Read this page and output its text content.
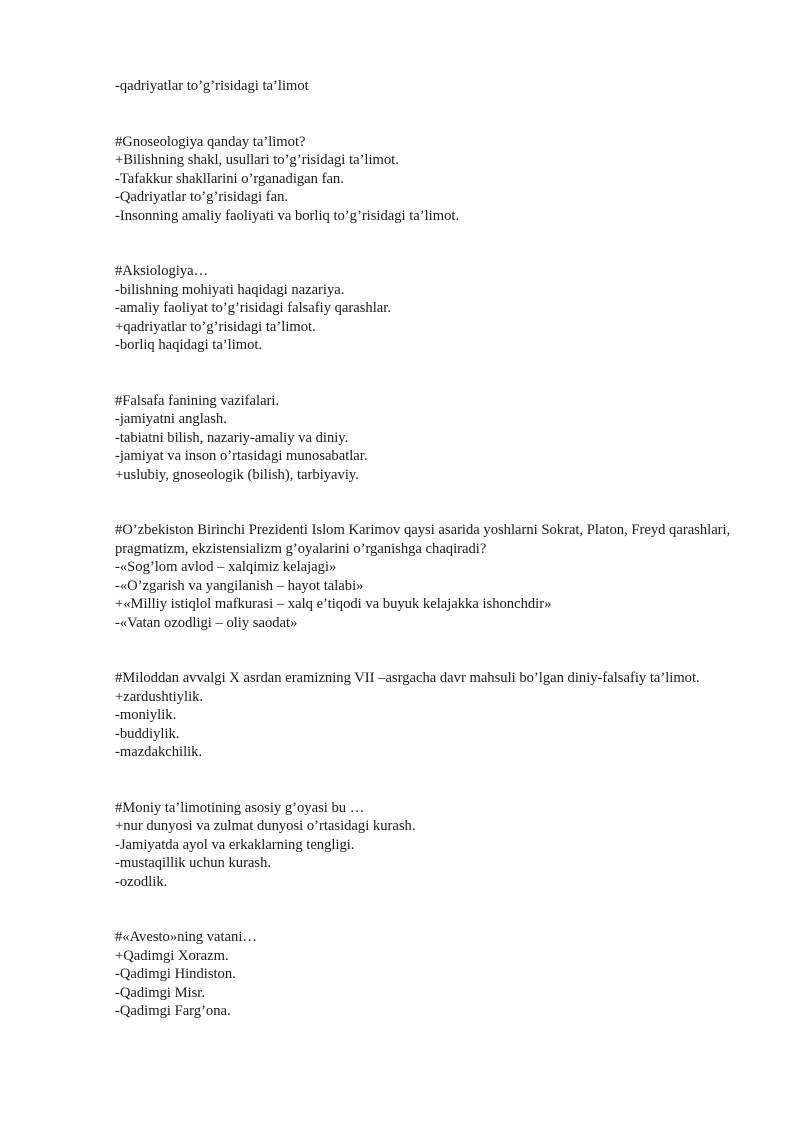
-qadriyatlar to’g’risidagi ta’limot

#Gnoseologiya qanday ta’limot?

+Bilishning shakl, usullari to’g’risidagi ta’limot.
-Tafakkur shakllarini o’rganadigan fan.
-Qadriyatlar to’g’risidagi fan.
-Insonning amaliy faoliyati va borliq to’g’risidagi ta’limot.

#Aksiologiya…

-bilishning mohiyati haqidagi nazariya.
-amaliy faoliyat to’g’risidagi falsafiy qarashlar.
+qadriyatlar to’g’risidagi ta’limot.
-borliq haqidagi ta’limot.

#Falsafa fanining vazifalari.

-jamiyatni anglash.
-tabiatni bilish, nazariy-amaliy va diniy.
-jamiyat va inson o’rtasidagi munosabatlar.
+uslubiy, gnoseologik (bilish), tarbiyaviy.

#O’zbekiston Birinchi Prezidenti Islom Karimov qaysi asarida yoshlarni Sokrat, Platon, Freyd qarashlari, pragmatizm, ekzistensializm g’oyalarini o’rganishga chaqiradi?

-«Sog’lom avlod – xalqimiz kelajagi»
-«O’zgarish va yangilanish – hayot talabi»
+«Milliy istiqlol mafkurasi – xalq e’tiqodi va buyuk kelajakka ishonchdir»
-«Vatan ozodligi – oliy saodat»

#Miloddan avvalgi X asrdan eramizning VII –asrgacha davr mahsuli bo’lgan diniy-falsafiy ta’limot.

+zardushtiylik.
-moniylik.
-buddiylik.
-mazdakchilik.

#Moniy ta’limotining asosiy g’oyasi bu …

+nur dunyosi va zulmat dunyosi o’rtasidagi kurash.
-Jamiyatda ayol va erkaklarning tengligi.
-mustaqillik uchun kurash.
-ozodlik.

#«Avesto»ning vatani…

+Qadimgi Xorazm.
-Qadimgi Hindiston.
-Qadimgi Misr.
-Qadimgi Farg’ona.
